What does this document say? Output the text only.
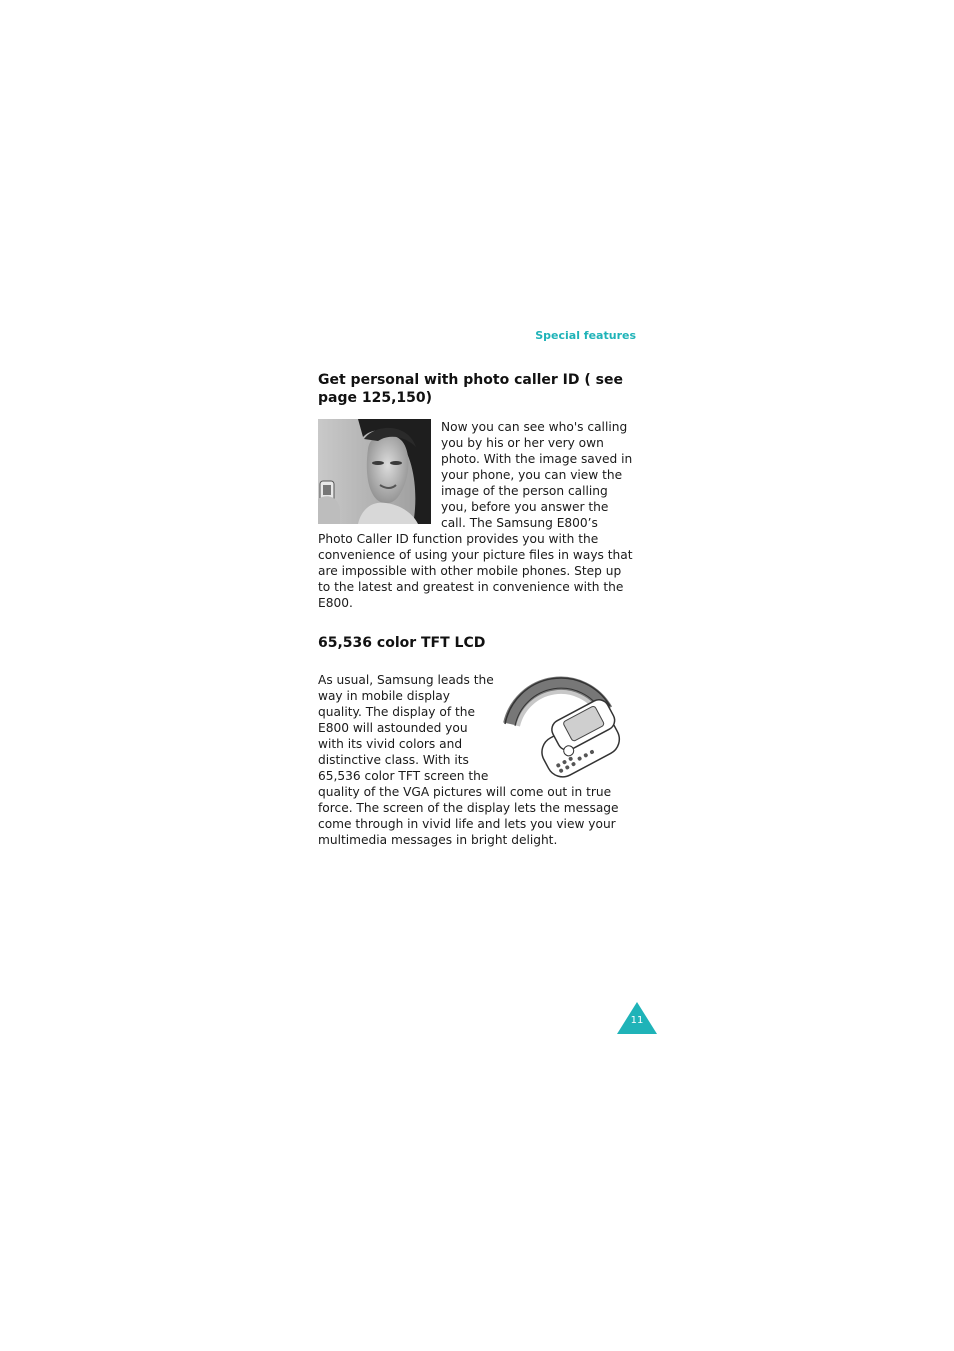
Special features
Get personal with photo caller ID ( see page 125,150)
Now you can see who's calling you by his or her very own photo. With the image saved in your phone, you can view the image of the person calling you, before you answer the call. The Samsung E800’s Photo Caller ID function provides you with the convenience of using your picture files in ways that are impossible with other mobile phones. Step up to the latest and greatest in convenience with the E800.
65,536 color TFT LCD
As usual, Samsung leads the way in mobile display quality. The display of the E800 will astounded you with its vivid colors and distinctive class. With its 65,536 color TFT screen the quality of the VGA pictures will come out in true force. The screen of the display lets the message come through in vivid life and lets you view your multimedia messages in bright delight.
11
